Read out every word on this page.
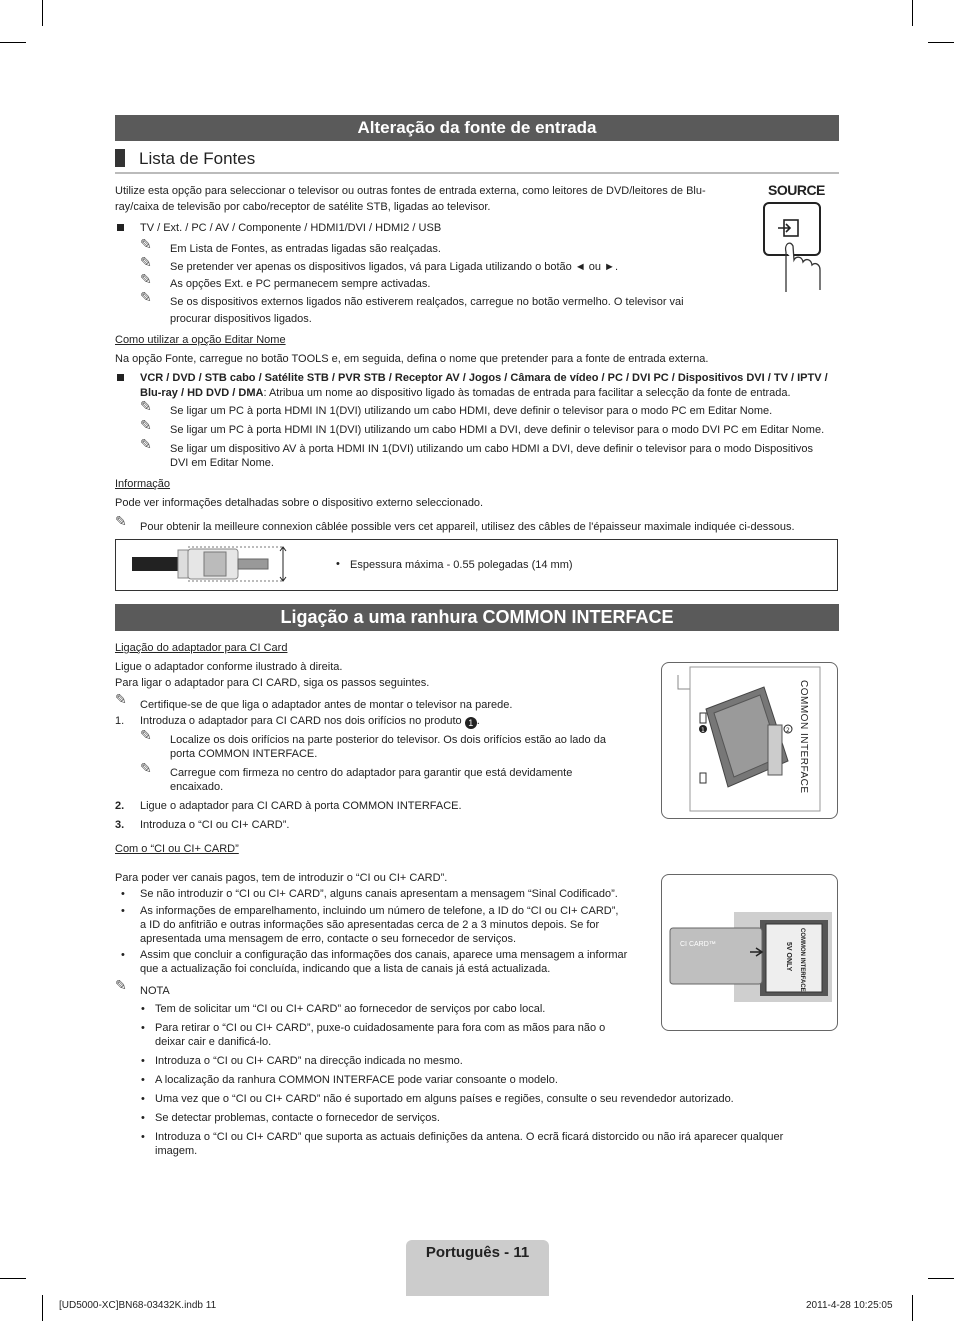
Alteração da fonte de entrada
Lista de Fontes
Utilize esta opção para seleccionar o televisor ou outras fontes de entrada externa, como leitores de DVD/leitores de Blu-
ray/caixa de televisão por cabo/receptor de satélite STB, ligadas ao televisor.
TV / Ext. / PC / AV / Componente / HDMI1/DVI / HDMI2 / USB
✎ Em Lista de Fontes, as entradas ligadas são realçadas.
✎ Se pretender ver apenas os dispositivos ligados, vá para Ligada utilizando o botão ◄ ou ►.
✎ As opções Ext. e PC permanecem sempre activadas.
✎ Se os dispositivos externos ligados não estiverem realçados, carregue no botão vermelho. O televisor vai
procurar dispositivos ligados.
SOURCE
Como utilizar a opção Editar Nome
Na opção Fonte, carregue no botão TOOLS e, em seguida, defina o nome que pretender para a fonte de entrada externa.
VCR / DVD / STB cabo / Satélite STB / PVR STB / Receptor AV / Jogos / Câmara de vídeo / PC / DVI PC / Dispositivos DVI / TV / IPTV /
Blu-ray / HD DVD / DMA: Atribua um nome ao dispositivo ligado às tomadas de entrada para facilitar a selecção da fonte de entrada.
✎ Se ligar um PC à porta HDMI IN 1(DVI) utilizando um cabo HDMI, deve definir o televisor para o modo PC em Editar Nome.
✎ Se ligar um PC à porta HDMI IN 1(DVI) utilizando um cabo HDMI a DVI, deve definir o televisor para o modo DVI PC em Editar Nome.
✎ Se ligar um dispositivo AV à porta HDMI IN 1(DVI) utilizando um cabo HDMI a DVI, deve definir o televisor para o modo Dispositivos
DVI em Editar Nome.
Informação
Pode ver informações detalhadas sobre o dispositivo externo seleccionado.
✎ Pour obtenir la meilleure connexion câblée possible vers cet appareil, utilisez des câbles de l'épaisseur maximale indiquée ci-dessous.
• Espessura máxima - 0.55 polegadas (14 mm)
Ligação a uma ranhura COMMON INTERFACE
Ligação do adaptador para CI Card
Ligue o adaptador conforme ilustrado à direita.
Para ligar o adaptador para CI CARD, siga os passos seguintes.
✎ Certifique-se de que liga o adaptador antes de montar o televisor na parede.
1. Introduza o adaptador para CI CARD nos dois orifícios no produto 1 .
✎ Localize os dois orifícios na parte posterior do televisor. Os dois orifícios estão ao lado da
porta COMMON INTERFACE.
✎ Carregue com firmeza no centro do adaptador para garantir que está devidamente
encaixado.
2. Ligue o adaptador para CI CARD à porta COMMON INTERFACE.
3. Introduza o “CI ou CI+ CARD”.
1	2 COMMON INTERFACE
Com o “CI ou CI+ CARD”
Para poder ver canais pagos, tem de introduzir o “CI ou CI+ CARD”.
• Se não introduzir o “CI ou CI+ CARD”, alguns canais apresentam a mensagem “Sinal Codificado”.
• As informações de emparelhamento, incluindo um número de telefone, a ID do “CI ou CI+ CARD”,
a ID do anfitrião e outras informações são apresentadas cerca de 2 a 3 minutos depois. Se for
apresentada uma mensagem de erro, contacte o seu fornecedor de serviços.
• Assim que concluir a configuração das informações dos canais, aparece uma mensagem a informar
que a actualização foi concluída, indicando que a lista de canais já está actualizada.
✎ NOTA
• Tem de solicitar um “CI ou CI+ CARD” ao fornecedor de serviços por cabo local.
• Para retirar o “CI ou CI+ CARD”, puxe-o cuidadosamente para fora com as mãos para não o
deixar cair e danificá-lo.
• Introduza o “CI ou CI+ CARD” na direcção indicada no mesmo.
• A localização da ranhura COMMON INTERFACE pode variar consoante o modelo.
• Uma vez que o “CI ou CI+ CARD” não é suportado em alguns países e regiões, consulte o seu revendedor autorizado.
• Se detectar problemas, contacte o fornecedor de serviços.
• Introduza o “CI ou CI+ CARD” que suporta as actuais definições da antena. O ecrã ficará distorcido ou não irá aparecer qualquer
imagem.
CI CARD™	COMMON INTERFACE
5V ONLY
Português - 11
[UD5000-XC]BN68-03432K.indb 11	2011-4-28 10:25:05
